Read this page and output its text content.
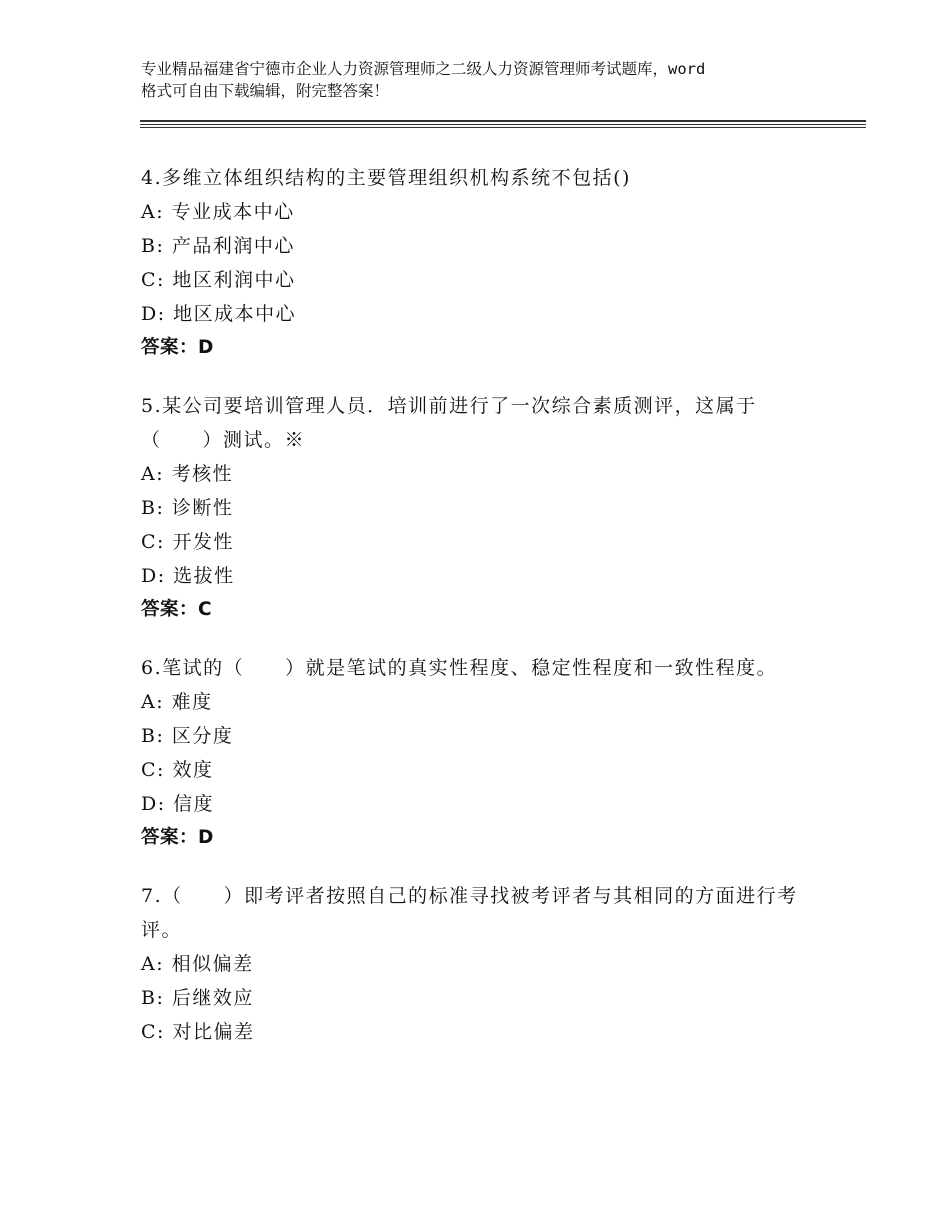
专业精品福建省宁德市企业人力资源管理师之二级人力资源管理师考试题库，word
格式可自由下载编辑，附完整答案！
4.多维立体组织结构的主要管理组织机构系统不包括()
A: 专业成本中心
B: 产品利润中心
C: 地区利润中心
D: 地区成本中心
答案：D
5.某公司要培训管理人员．培训前进行了一次综合素质测评，这属于（　　）测试。※
A: 考核性
B: 诊断性
C: 开发性
D: 选拔性
答案：C
6.笔试的（　　）就是笔试的真实性程度、稳定性程度和一致性程度。
A: 难度
B: 区分度
C: 效度
D: 信度
答案：D
7.（　　）即考评者按照自己的标准寻找被考评者与其相同的方面进行考评。
A: 相似偏差
B: 后继效应
C: 对比偏差
